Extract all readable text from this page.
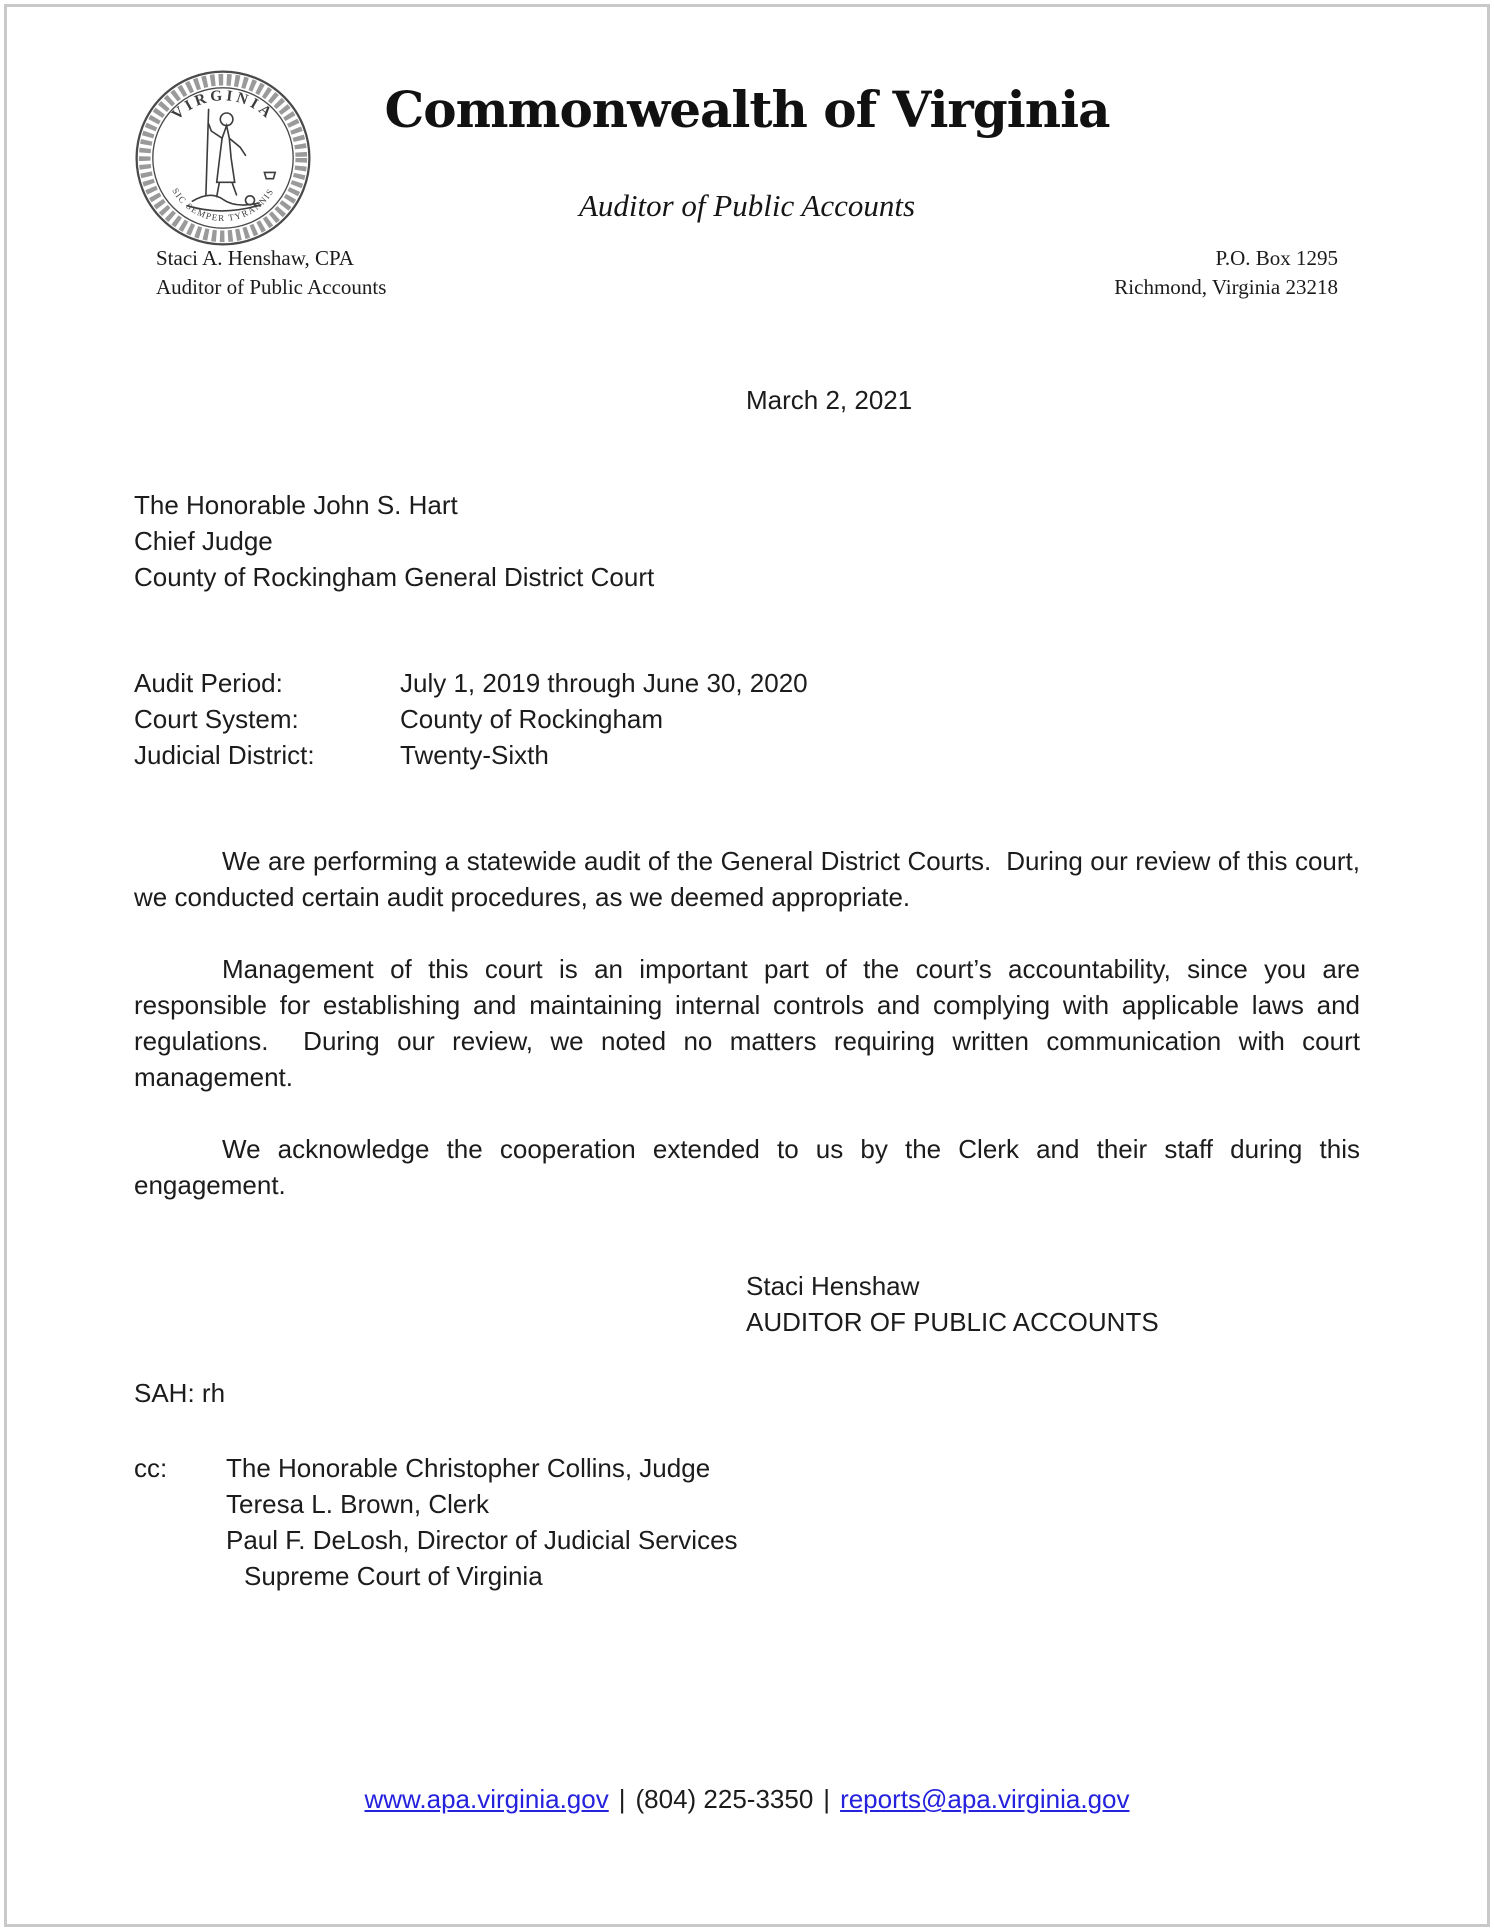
VIRGINIA
SIC SEMPER TYRANNIS
Commonwealth of Virginia
Auditor of Public Accounts
Staci A. Henshaw, CPA
Auditor of Public Accounts
P.O. Box 1295
Richmond, Virginia 23218
March 2, 2021
The Honorable John S. Hart
Chief Judge
County of Rockingham General District Court
Audit Period:	July 1, 2019 through June 30, 2020
Court System:	County of Rockingham
Judicial District:	Twenty-Sixth

We are performing a statewide audit of the General District Courts.  During our review of this court, we conducted certain audit procedures, as we deemed appropriate.

Management of this court is an important part of the court’s accountability, since you are responsible for establishing and maintaining internal controls and complying with applicable laws and regulations.  During our review, we noted no matters requiring written communication with court management.

We acknowledge the cooperation extended to us by the Clerk and their staff during this engagement.

Staci Henshaw
AUDITOR OF PUBLIC ACCOUNTS
SAH: rh
cc:	The Honorable Christopher Collins, Judge
Teresa L. Brown, Clerk
Paul F. DeLosh, Director of Judicial Services
Supreme Court of Virginia
www.apa.virginia.gov | (804) 225-3350 | reports@apa.virginia.gov
